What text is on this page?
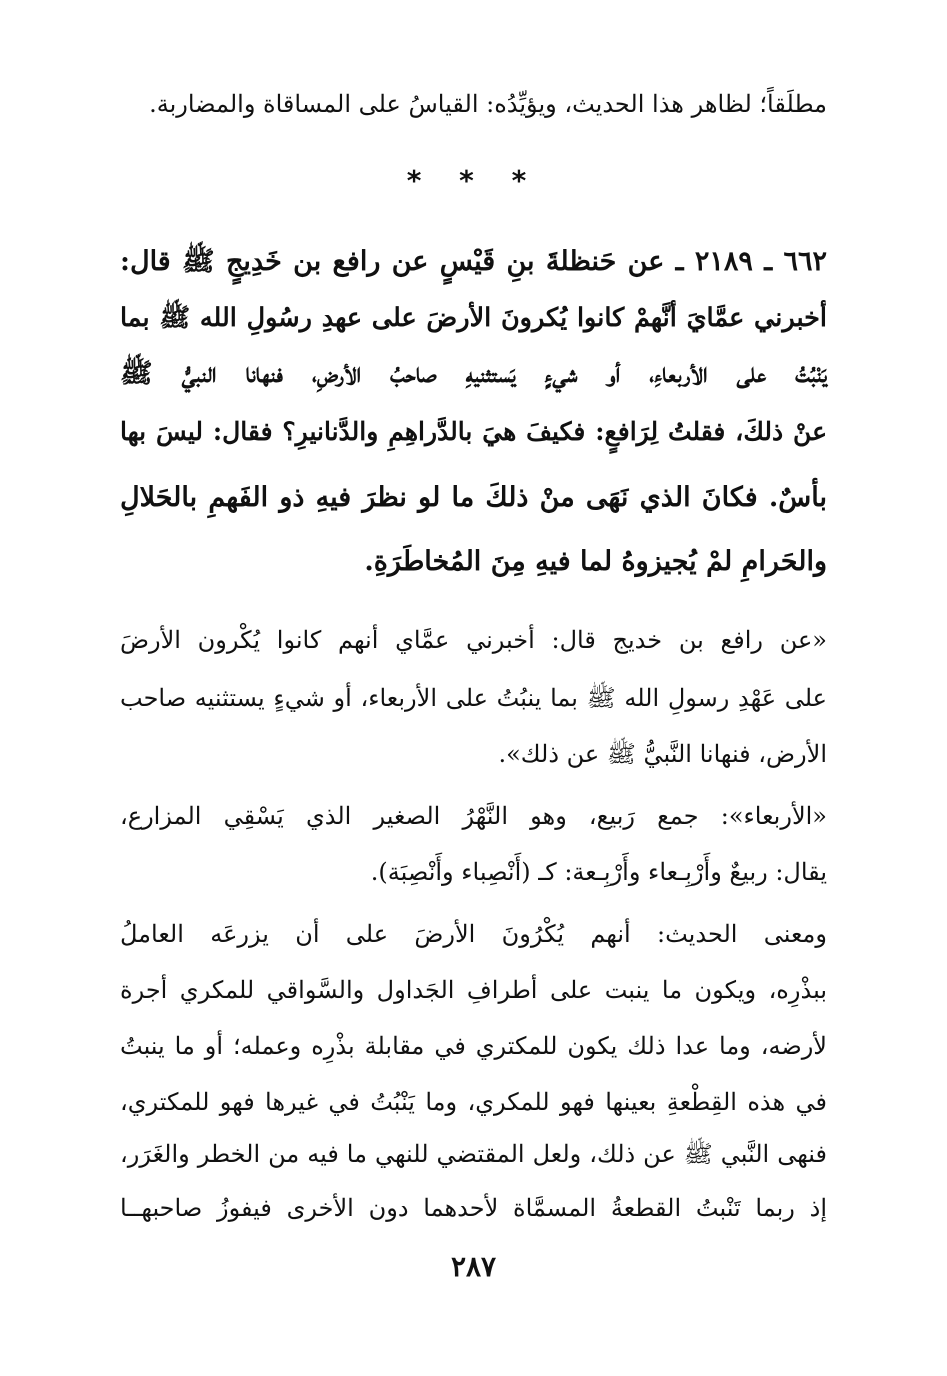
مطلَقاً؛ لظاهر هذا الحديث، ويؤيِّدُه: القياسُ على المساقاة والمضاربة.
* * *
٦٦٢ ـ ٢١٨٩ ـ عن حَنظلةَ بنِ قَيْسٍ عن رافع بن خَدِيجٍ ﷺ قال:
أخبرني عمَّايَ أنَّهمْ كانوا يُكرونَ الأرضَ على عهدِ رسُولِ الله ﷺ بما
يَنْبُتُ على الأربعاءِ، أو شيءٍ يَستثنيهِ صاحبُ الأرضِ، فنهانا النبيُّ ﷺ
عنْ ذلكَ، فقلتُ لِرَافعٍ: فكيفَ هيَ بالدَّراهِمِ والدَّنانيرِ؟ فقال: ليسَ بها
بأسٌ. فكانَ الذي نَهَى منْ ذلكَ ما لو نظرَ فيهِ ذو الفَهمِ بالحَلالِ
والحَرامِ لمْ يُجيزوهُ لما فيهِ مِنَ المُخاطَرَةِ.
«عن رافع بن خديج قال: أخبرني عمَّاي أنهم كانوا يُكْرون الأرضَ
على عَهْدِ رسولِ الله ﷺ بما ينبُتُ على الأربعاء، أو شيءٍ يستثنيه صاحب
الأرض، فنهانا النَّبيُّ ﷺ عن ذلك».
«الأربعاء»: جمع رَبيع، وهو النَّهْرُ الصغير الذي يَسْقِي المزارع،
يقال: ربيعٌ وأَرْبِـعاء وأَرْبِـعة: كـ (أَنْصِباء وأَنْصِبَة).
ومعنى الحديث: أنهم يُكْرُونَ الأرضَ على أن يزرعَه العاملُ
ببذْرِه، ويكون ما ينبت على أطرافِ الجَداول والسَّواقي للمكري أجرة
لأرضه، وما عدا ذلك يكون للمكتري في مقابلة بذْرِه وعمله؛ أو ما ينبتُ
في هذه القِطْعةِ بعينها فهو للمكري، وما يَنْبُتُ في غيرها فهو للمكتري،
فنهى النَّبي ﷺ عن ذلك، ولعل المقتضي للنهي ما فيه من الخطر والغَرَر،
إذ ربما تَنْبتُ القطعةُ المسمَّاة لأحدهما دون الأخرى فيفوزُ صاحبهــا
٢٨٧
